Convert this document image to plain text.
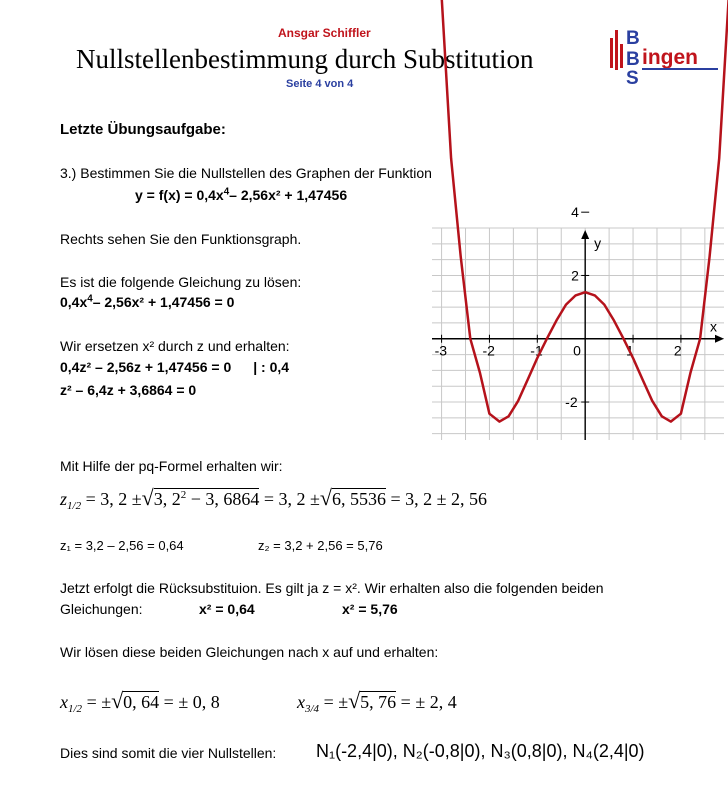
Ansgar Schiffler
Nullstellenbestimmung durch Substitution
Seite 4 von 4
B
B
S
ingen
Letzte Übungsaufgabe:
3.) Bestimmen Sie die Nullstellen des Graphen der Funktion
$y = f(x) = 0,4x^4-$ 2,56x² + 1,47456
Rechts sehen Sie den Funktionsgraph.
Es ist die folgende Gleichung zu lösen:
$0,4x^4-$ 2,56x² + 1,47456 = 0
Wir ersetzen x² durch z und erhalten:
0,4z² – 2,56z + 1,47456 = 0 | : 0,4
z² – 6,4z + 3,6864 = 0
-3	-2	-1 0	1	2
4
2
-2
x
y
Mit Hilfe der pq-Formel erhalten wir:
$z_{1/2} = 3$, 2 ±√3, $2^2 - 3$, 6864 = 3, 2 ±√6, 5536 = 3, 2 ± 2, 56
z₁ = 3,2 – 2,56 = 0,64	z₂ = 3,2 + 2,56 = 5,76
Jetzt erfolgt die Rücksubstituion. Es gilt ja z = x². Wir erhalten also die folgenden beiden
Gleichungen:	x² = 0,64	x² = 5,76
Wir lösen diese beiden Gleichungen nach x auf und erhalten:
$x_{1/2} = \pm√0$, 64 = ± 0, 8	$x_{3/4} = \pm√5$, 76 = ± 2, 4
Dies sind somit die vier Nullstellen: N₁(-2,4|0), N₂(-0,8|0), N₃(0,8|0), N₄(2,4|0)
